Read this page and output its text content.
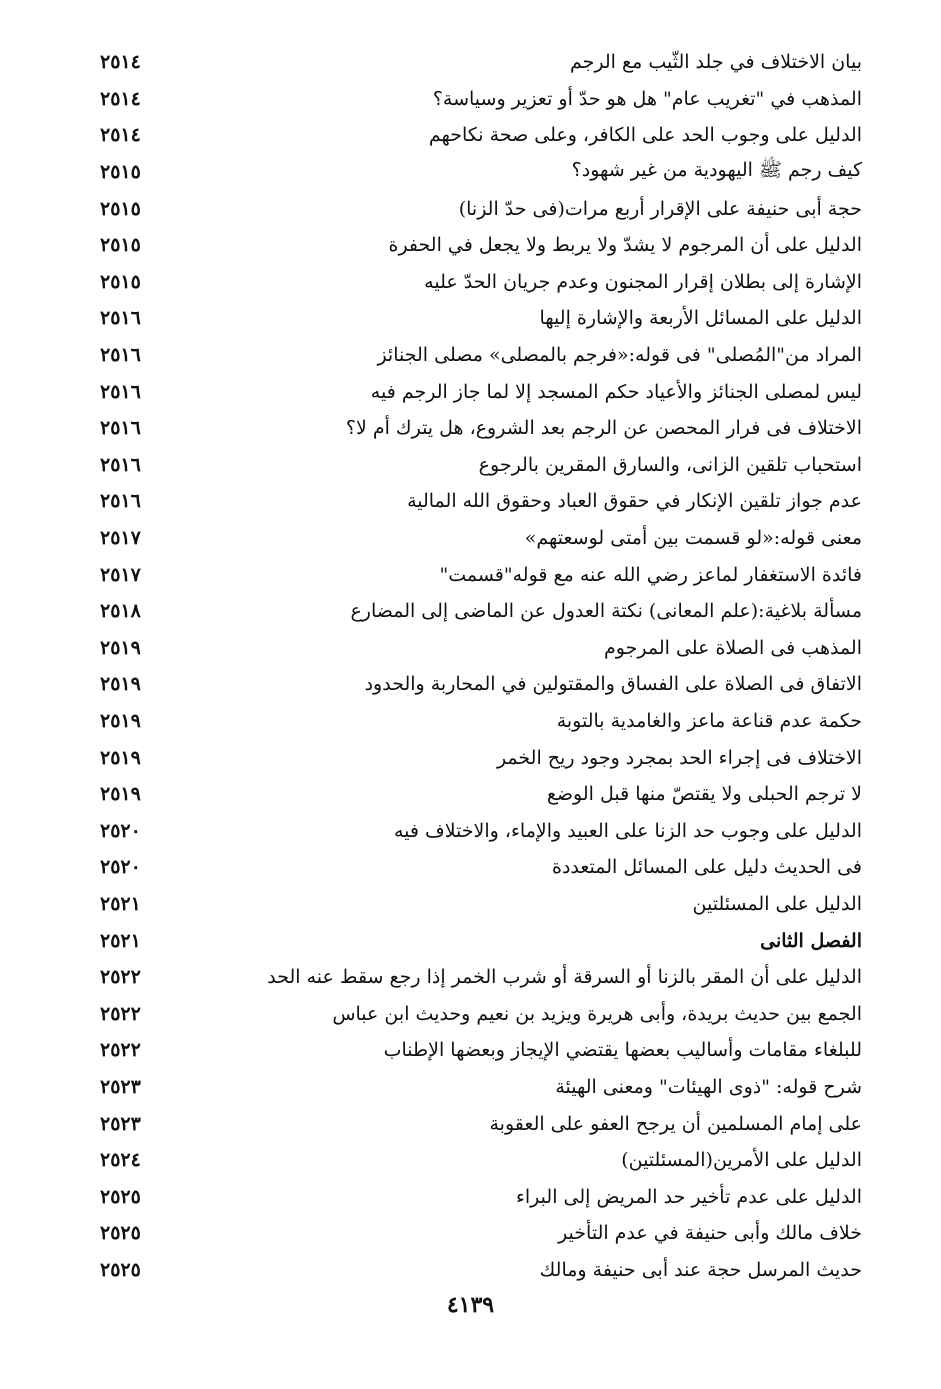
بيان الاختلاف في جلد الثّيب مع الرجم
٢٥١٤
المذهب في "تغريب عام" هل هو حدّ أو تعزير وسياسة؟
٢٥١٤
الدليل على وجوب الحد على الكافر، وعلى صحة نكاحهم
٢٥١٤
كيف رجم ﷺ اليهودية من غير شهود؟
٢٥١٥
حجة أبى حنيفة على الإقرار أربع مرات(فى حدّ الزنا)
٢٥١٥
الدليل على أن المرجوم لا يشدّ ولا يربط ولا يجعل في الحفرة
٢٥١٥
الإشارة إلى بطلان إقرار المجنون وعدم جريان الحدّ عليه
٢٥١٥
الدليل على المسائل الأربعة والإشارة إليها
٢٥١٦
المراد من"المُصلى" فى قوله:«فرجم بالمصلى» مصلى الجنائز
٢٥١٦
ليس لمصلى الجنائز والأعياد حكم المسجد إلا لما جاز الرجم فيه
٢٥١٦
الاختلاف فى فرار المحصن عن الرجم بعد الشروع، هل يترك أم لا؟
٢٥١٦
استحباب تلقين الزانى، والسارق المقرين بالرجوع
٢٥١٦
عدم جواز تلقين الإنكار في حقوق العباد وحقوق الله المالية
٢٥١٦
معنى قوله:«لو قسمت بين أمتى لوسعتهم»
٢٥١٧
فائدة الاستغفار لماعز رضي الله عنه مع قوله"قسمت"
٢٥١٧
مسألة بلاغية:(علم المعانى) نكتة العدول عن الماضى إلى المضارع
٢٥١٨
المذهب فى الصلاة على المرجوم
٢٥١٩
الاتفاق فى الصلاة على الفساق والمقتولين في المحاربة والحدود
٢٥١٩
حكمة عدم قناعة ماعز والغامدية بالتوبة
٢٥١٩
الاختلاف فى إجراء الحد بمجرد وجود ريح الخمر
٢٥١٩
لا ترجم الحبلى ولا يقتصّ منها قبل الوضع
٢٥١٩
الدليل على وجوب حد الزنا على العبيد والإماء، والاختلاف فيه
٢٥٢٠
فى الحديث دليل على المسائل المتعددة
٢٥٢٠
الدليل على المسئلتين
٢٥٢١
الفصل الثانى
٢٥٢١
الدليل على أن المقر بالزنا أو السرقة أو شرب الخمر إذا رجع سقط عنه الحد
٢٥٢٢
الجمع بين حديث بريدة، وأبى هريرة ويزيد بن نعيم وحديث ابن عباس
٢٥٢٢
للبلغاء مقامات وأساليب بعضها يقتضي الإيجاز وبعضها الإطناب
٢٥٢٢
شرح قوله: "ذوى الهيئات" ومعنى الهيئة
٢٥٢٣
على إمام المسلمين أن يرجح العفو على العقوبة
٢٥٢٣
الدليل على الأمرين(المسئلتين)
٢٥٢٤
الدليل على عدم تأخير حد المريض إلى البراء
٢٥٢٥
خلاف مالك وأبى حنيفة في عدم التأخير
٢٥٢٥
حديث المرسل حجة عند أبى حنيفة ومالك
٢٥٢٥
٤١٣٩
